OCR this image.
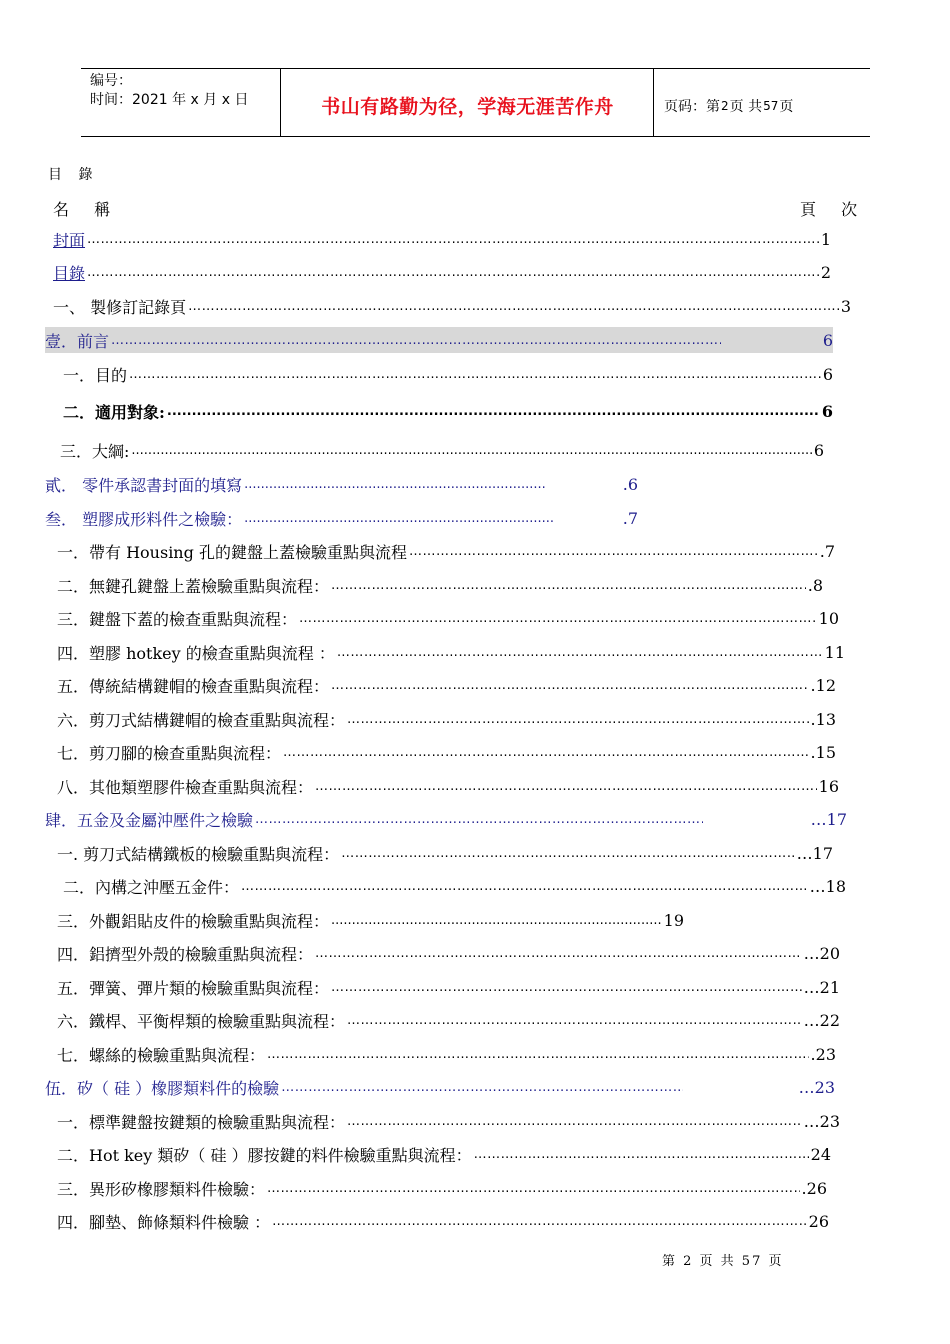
编号：
时间：2021 年 x 月 x 日	书山有路勤为径，学海无涯苦作舟	页码：第 2 页 共 57 页
目 錄
名 稱	頁 次
封面 ……………………………………………………………………………………………………………………………………………………………………………	1
目錄 ……………………………………………………………………………………………………………………………………………………………………………	2
一、 製修訂記錄頁 ……………………………………………………………………………………………………………………………………………………………………………	3
壹．前言 ……………………………………………………………………………………………………………………………………………………………………………	6
一．目的 ……………………………………………………………………………………………………………………………………………………………………………	6
二．適用對象: .....	6
三．大綱: .....	6
貳． 零件承認書封面的填寫 .....	.6
叁． 塑膠成形料件之檢驗： .....	.7
一．帶有 Housing 孔的鍵盤上蓋檢驗重點與流程 ……………………………………………………………………………………………………………………………………………………………………………	.7
二．無鍵孔鍵盤上蓋檢驗重點與流程： ……………………………………………………………………………………………………………………………………………………………………………	.8
三．鍵盤下蓋的檢查重點與流程： ……………………………………………………………………………………………………………………………………………………………………………	10
四．塑膠 hotkey 的檢查重點與流程 ： ……………………………………………………………………………………………………………………………………………………………………………	11
五．傳統結構鍵帽的檢查重點與流程： ……………………………………………………………………………………………………………………………………………………………………………	.12
六．剪刀式結構鍵帽的檢查重點與流程： ……………………………………………………………………………………………………………………………………………………………………………	.13
七．剪刀腳的檢查重點與流程： ……………………………………………………………………………………………………………………………………………………………………………	.15
八．其他類塑膠件檢查重點與流程： ……………………………………………………………………………………………………………………………………………………………………………	16
肆．五金及金屬沖壓件之檢驗 ……………………………………………………………………………………………………………………………………………………………………………	…17
一. 剪刀式結構鐵板的檢驗重點與流程： ……………………………………………………………………………………………………………………………………………………………………………	…17
二．內構之沖壓五金件： ……………………………………………………………………………………………………………………………………………………………………………	…18
三．外觀鋁貼皮件的檢驗重點與流程： .....	19
四．鋁擠型外殼的檢驗重點與流程： ……………………………………………………………………………………………………………………………………………………………………………	…20
五．彈簧、彈片類的檢驗重點與流程： ……………………………………………………………………………………………………………………………………………………………………………	…21
六．鐵桿、平衡桿類的檢驗重點與流程： ……………………………………………………………………………………………………………………………………………………………………………	…22
七．螺絲的檢驗重點與流程： ……………………………………………………………………………………………………………………………………………………………………………	.23
伍．矽（ 硅 ）橡膠類料件的檢驗 ……………………………………………………………………………………………………………………………………………………………………………	…23
一．標準鍵盤按鍵類的檢驗重點與流程： ……………………………………………………………………………………………………………………………………………………………………………	…23
二．Hot key 類矽（ 硅 ）膠按鍵的料件檢驗重點與流程： ……………………………………………………………………………………………………………………………………………………………………………	24
三．異形矽橡膠類料件檢驗： ……………………………………………………………………………………………………………………………………………………………………………	.26
四．腳墊、飾條類料件檢驗 ： ……………………………………………………………………………………………………………………………………………………………………………	26
第 2 页 共 57 页
